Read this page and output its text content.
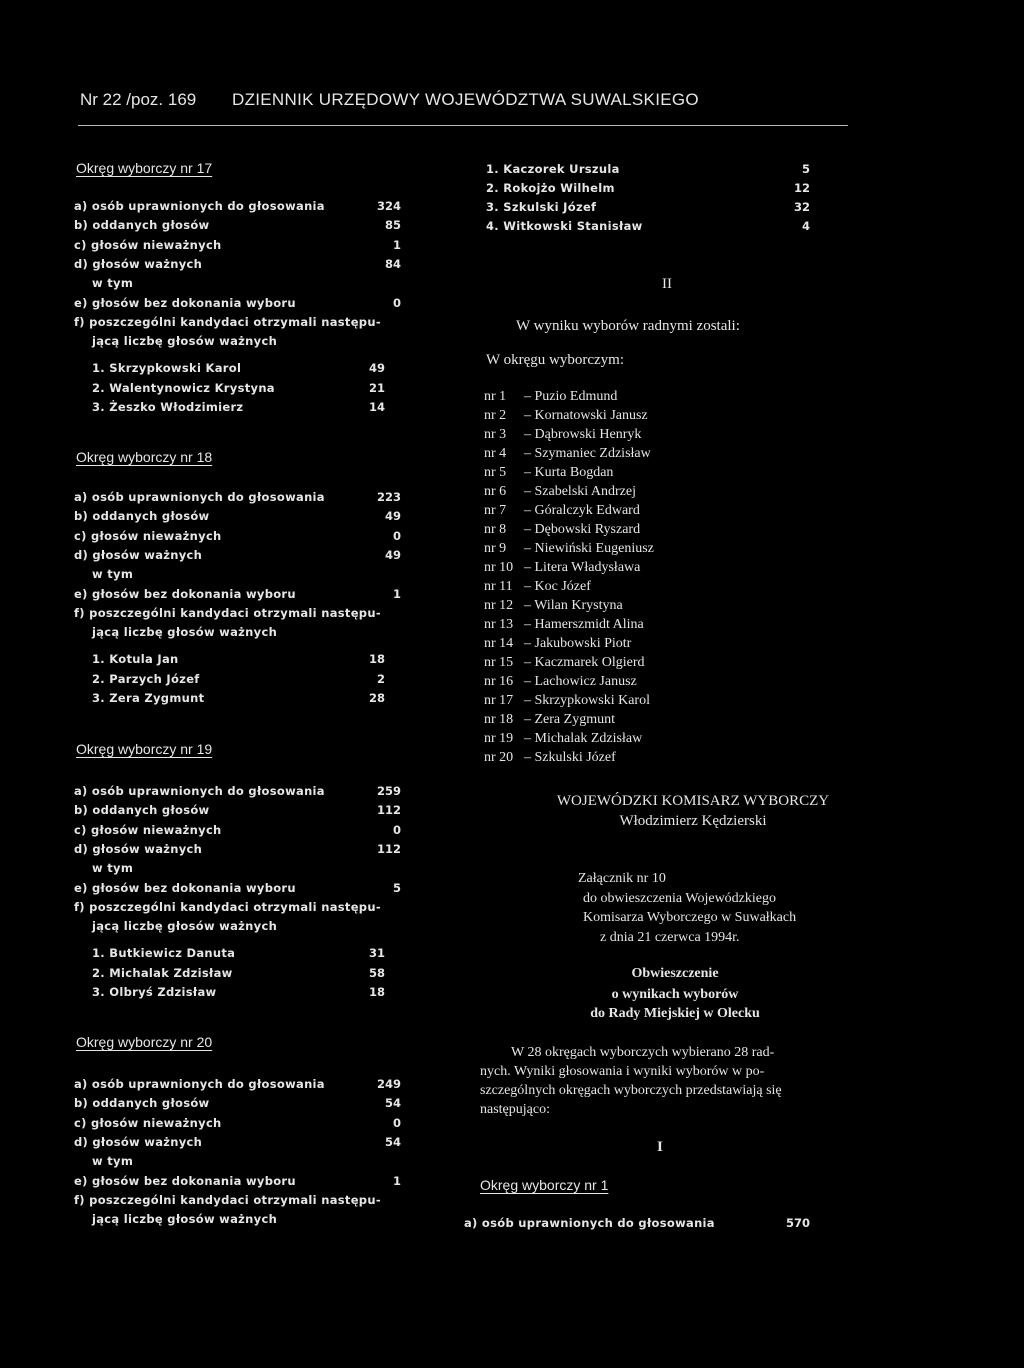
Nr 22 /poz. 169 DZIENNIK URZĘDOWY WOJEWÓDZTWA SUWALSKIEGO
Okręg wyborczy nr 17
a) osób uprawnionych do głosowania	324
b) oddanych głosów	85
c) głosów nieważnych	1
d) głosów ważnych	84
w tym
e) głosów bez dokonania wyboru	0
f) poszczególni kandydaci otrzymali następu-
jącą liczbę głosów ważnych
1. Skrzypkowski Karol	49
2. Walentynowicz Krystyna	21
3. Żeszko Włodzimierz	14
Okręg wyborczy nr 18
a) osób uprawnionych do głosowania	223
b) oddanych głosów	49
c) głosów nieważnych	0
d) głosów ważnych	49
w tym
e) głosów bez dokonania wyboru	1
f) poszczególni kandydaci otrzymali następu-
jącą liczbę głosów ważnych
1. Kotula Jan	18
2. Parzych Józef	2
3. Zera Zygmunt	28
Okręg wyborczy nr 19
a) osób uprawnionych do głosowania	259
b) oddanych głosów	112
c) głosów nieważnych	0
d) głosów ważnych	112
w tym
e) głosów bez dokonania wyboru	5
f) poszczególni kandydaci otrzymali następu-
jącą liczbę głosów ważnych
1. Butkiewicz Danuta	31
2. Michalak Zdzisław	58
3. Olbryś Zdzisław	18
Okręg wyborczy nr 20
a) osób uprawnionych do głosowania	249
b) oddanych głosów	54
c) głosów nieważnych	0
d) głosów ważnych	54
w tym
e) głosów bez dokonania wyboru	1
f) poszczególni kandydaci otrzymali następu-
jącą liczbę głosów ważnych
1. Kaczorek Urszula	5
2. Rokojżo Wilhelm	12
3. Szkulski Józef	32
4. Witkowski Stanisław	4
II
W wyniku wyborów radnymi zostali:
W okręgu wyborczym:
nr 1 – Puzio Edmund
nr 2 – Kornatowski Janusz
nr 3 – Dąbrowski Henryk
nr 4 – Szymaniec Zdzisław
nr 5 – Kurta Bogdan
nr 6 – Szabelski Andrzej
nr 7 – Góralczyk Edward
nr 8 – Dębowski Ryszard
nr 9 – Niewiński Eugeniusz
nr 10 – Litera Władysława
nr 11 – Koc Józef
nr 12 – Wilan Krystyna
nr 13 – Hamerszmidt Alina
nr 14 – Jakubowski Piotr
nr 15 – Kaczmarek Olgierd
nr 16 – Lachowicz Janusz
nr 17 – Skrzypkowski Karol
nr 18 – Zera Zygmunt
nr 19 – Michalak Zdzisław
nr 20 – Szkulski Józef
WOJEWÓDZKI KOMISARZ WYBORCZY
Włodzimierz Kędzierski
Załącznik nr 10
do obwieszczenia Wojewódzkiego
Komisarza Wyborczego w Suwałkach
z dnia 21 czerwca 1994r.
Obwieszczenie
o wynikach wyborów
do Rady Miejskiej w Olecku
W 28 okręgach wyborczych wybierano 28 rad-
nych. Wyniki głosowania i wyniki wyborów w po-
szczególnych okręgach wyborczych przedstawiają się
następująco:
I
Okręg wyborczy nr 1
a) osób uprawnionych do głosowania	570
